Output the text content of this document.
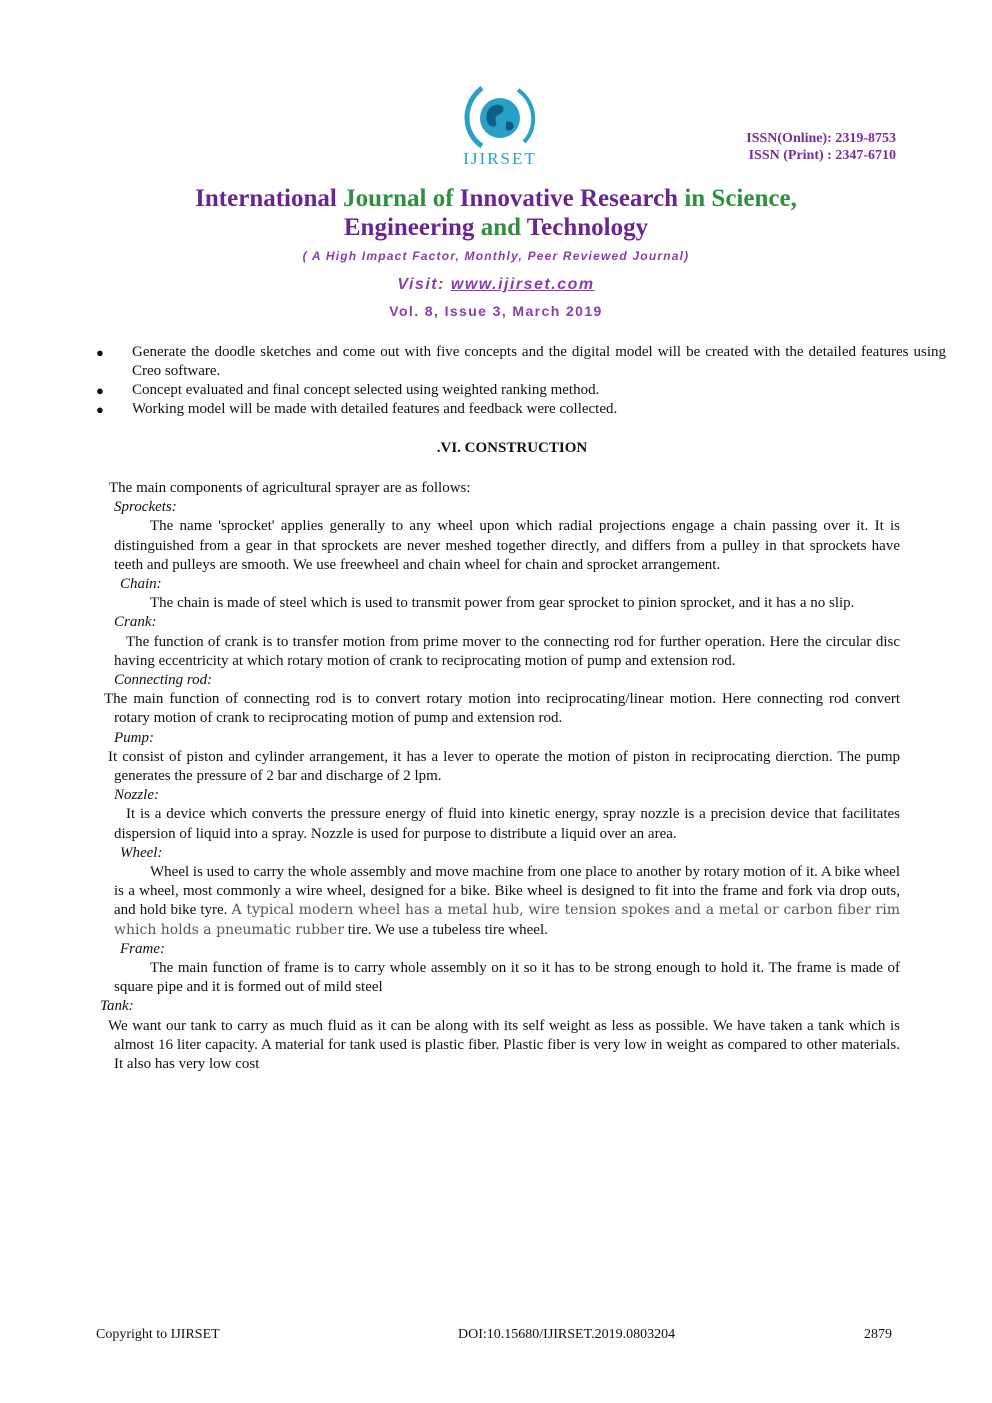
IJIRSET
ISSN(Online): 2319-8753
ISSN (Print) : 2347-6710
International Journal of Innovative Research in Science,
Engineering and Technology
( A High Impact Factor, Monthly, Peer Reviewed Journal)
Visit: www.ijirset.com
Vol. 8, Issue 3, March 2019
● Generate the doodle sketches and come out with five concepts and the digital model will be created with the detailed features using Creo software.
● Concept evaluated and final concept selected using weighted ranking method.
● Working model will be made with detailed features and feedback were collected.
.VI. CONSTRUCTION

The main components of agricultural sprayer are as follows:

Sprockets:

The name 'sprocket' applies generally to any wheel upon which radial projections engage a chain passing over it. It is distinguished from a gear in that sprockets are never meshed together directly, and differs from a pulley in that sprockets have teeth and pulleys are smooth. We use freewheel and chain wheel for chain and sprocket arrangement.

Chain:

The chain is made of steel which is used to transmit power from gear sprocket to pinion sprocket, and it has a no slip.

Crank:

The function of crank is to transfer motion from prime mover to the connecting rod for further operation. Here the circular disc having eccentricity at which rotary motion of crank to reciprocating motion of pump and extension rod.

Connecting rod:

The main function of connecting rod is to convert rotary motion into reciprocating/linear motion. Here connecting rod convert rotary motion of crank to reciprocating motion of pump and extension rod.

Pump:

It consist of piston and cylinder arrangement, it has a lever to operate the motion of piston in reciprocating dierction. The pump generates the pressure of 2 bar and discharge of 2 lpm.

Nozzle:

It is a device which converts the pressure energy of fluid into kinetic energy, spray nozzle is a precision device that facilitates dispersion of liquid into a spray. Nozzle is used for purpose to distribute a liquid over an area.

Wheel:

Wheel is used to carry the whole assembly and move machine from one place to another by rotary motion of it. A bike wheel is a wheel, most commonly a wire wheel, designed for a bike. Bike wheel is designed to fit into the frame and fork via drop outs, and hold bike tyre. A typical modern wheel has a metal hub, wire tension spokes and a metal or carbon fiber rim which holds a pneumatic rubber tire. We use a tubeless tire wheel.

Frame:

The main function of frame is to carry whole assembly on it so it has to be strong enough to hold it. The frame is made of square pipe and it is formed out of mild steel

Tank:

We want our tank to carry as much fluid as it can be along with its self weight as less as possible. We have taken a tank which is almost 16 liter capacity. A material for tank used is plastic fiber. Plastic fiber is very low in weight as compared to other materials. It also has very low cost

Copyright to IJIRSET	DOI:10.15680/IJIRSET.2019.0803204	2879
